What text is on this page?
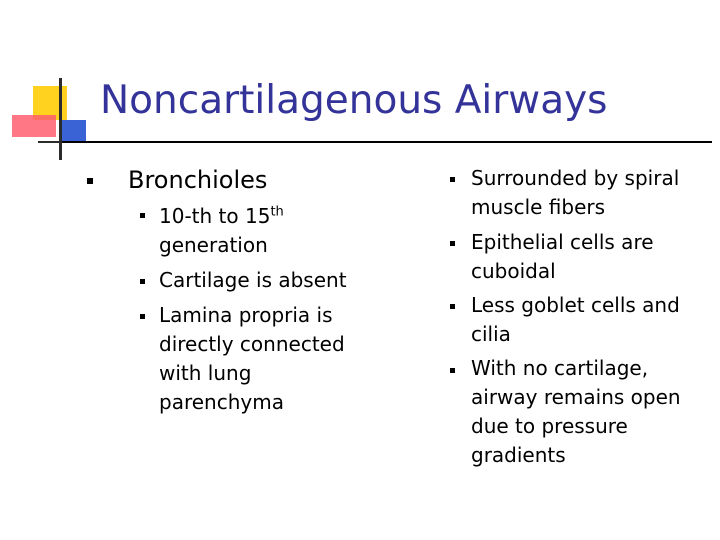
Noncartilagenous Airways
Bronchioles
10-th to 15th generation
Cartilage is absent
Lamina propria is directly connected with lung parenchyma
Surrounded by spiral muscle fibers
Epithelial cells are cuboidal
Less goblet cells and cilia
With no cartilage, airway remains open due to pressure gradients
